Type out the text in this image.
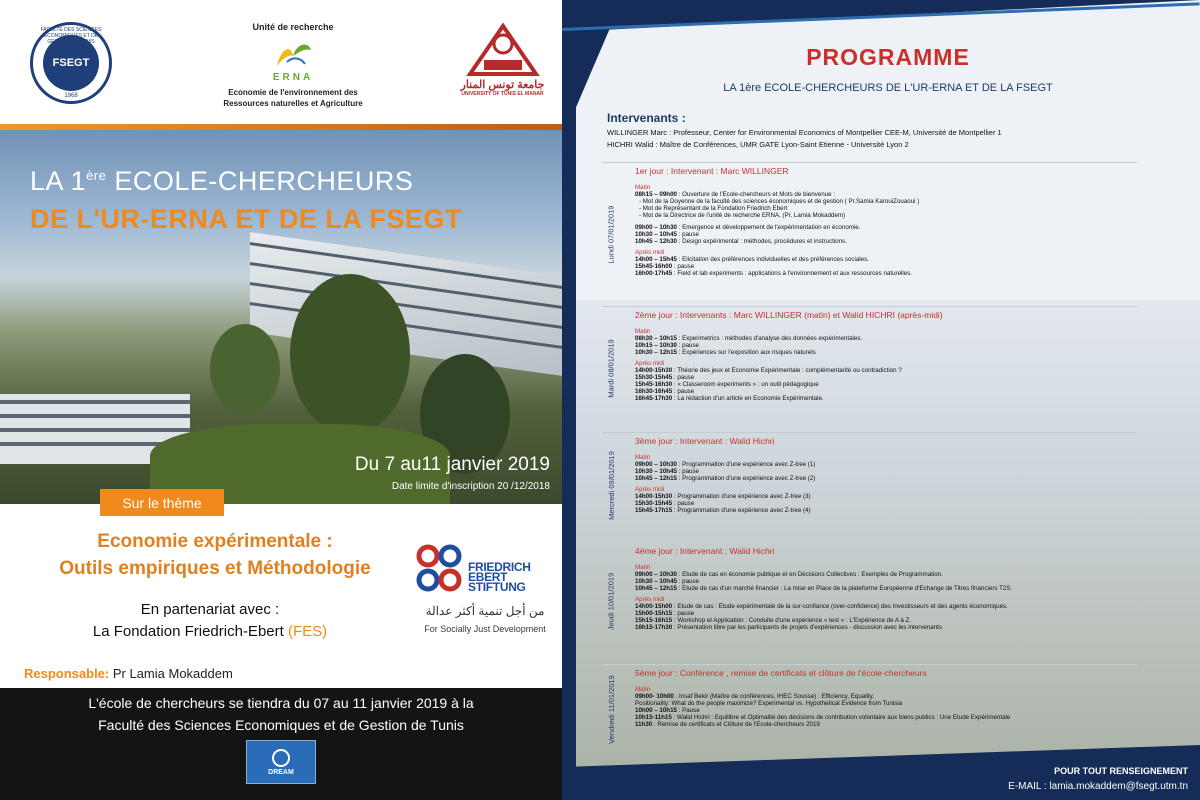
FACULTÉ DES SCIENCES ÉCONOMIQUES ET DE GESTION DE TUNIS
FSEGT
1968
Unité de recherche
ERNA
Economie de l'environnement des
Ressources naturelles et Agriculture
جامعة تونس المنار
UNIVERSITY OF TUNIS EL MANAR
LA 1ère ECOLE-CHERCHEURS
DE L'UR-ERNA ET DE LA FSEGT
Du 7 au11 janvier 2019
Date limite d'inscription 20 /12/2018
Sur le thème
Economie expérimentale :
Outils empiriques et Méthodologie
En partenariat avec :
La Fondation Friedrich-Ebert (FES)
FRIEDRICH
EBERT
STIFTUNG
من أجل تنمية أكثر عدالة
For Socially Just Development
Responsable: Pr Lamia Mokaddem
L'école de chercheurs se tiendra du 07 au 11 janvier 2019 à la
Faculté des Sciences Economiques et de Gestion de Tunis
DREAM
PROGRAMME
LA 1ère ECOLE-CHERCHEURS DE L'UR-ERNA ET DE LA FSEGT
Intervenants :
WILLINGER Marc : Professeur, Center for Environmental Economics of Montpellier CEE-M, Université de Montpellier 1
HICHRI Walid : Maître de Conférences, UMR GATE Lyon-Saint Etienne - Université Lyon 2
Lundi 07/01/2019
1er jour : Intervenant : Marc WILLINGER
Matin
08h15 – 09h00 : Ouverture de l'Ecole-chercheurs et Mots de bienvenue :
- Mot de la Doyenne de la faculté des sciences économiques et de gestion ( Pr.Samia KarouiZouaoui )
- Mot de Représentant de la Fondation Friedrich Ebert
- Mot de la Directrice de l'unité de recherche ERNA, (Pr. Lamia Mokaddem)
09h00 – 10h30 : Emergence et développement de l'expérimentation en économie.
10h30 – 10h45 : pause
10h45 – 12h30 : Design expérimental : méthodes, procédures et instructions.
Après midi
14h00 – 15h45 : Elicitation des préférences individuelles et des préférences sociales.
15h45-16h00 : pause
16h00-17h45 : Field et lab experiments : applications à l'environnement et aux ressources naturelles.
Mardi 08/01/2019
2ème jour : Intervenants : Marc WILLINGER (matin) et Walid HICHRI (après-midi)
Matin
08h30 – 10h15 : Experimetrics : méthodes d'analyse des données expérimentales.
10h15 – 10h30 : pause
10h30 – 12h15 : Expériences sur l'exposition aux risques naturels
Après midi
14h00-15h30 : Théorie des jeux et Economie Expérimentale : complémentarité ou contradiction ?
15h30-15h45 : pause
15h45-16h30 : « Classeroom experiments » : un outil pédagogique
16h30-16h45 : pause
16h45-17h30 : La rédaction d'un article en Economie Expérimentale.
Mercredi 09/01/2019
3ème jour : Intervenant : Walid Hichri
Matin
09h00 – 10h30 : Programmation d'une expérience avec Z-tree (1)
10h30 – 10h45 : pause
10h45 – 12h15 : Programmation d'une expérience avec Z-tree (2)
Après midi
14h00-15h30 : Programmation d'une expérience avec Z-tree (3)
15h30-15h45 : pause
15h45-17h15 : Programmation d'une expérience avec Z-tree (4)
Jeudi 10/01/2019
4ème jour : Intervenant : Walid Hichri
Matin
09h00 – 10h30 : Etude de cas en économie publique et en Décisions Collectives : Exemples de Programmation.
10h30 – 10h45 : pause
10h45 – 12h15 : Etude de cas d'un marché financier : La mise en Place de la plateforme Européenne d'Echange de Titres financiers T2S.
Après midi
14h00-15h00 : Etude de cas : Etude expérimentale de la sur-confiance (over-confidence) des Investisseurs et des agents économiques.
15h00-15h15 : pause
15h15-16h15 : Workshop et Application : Conduite d'une expérience « test » : L'Expérience de A à Z.
16h15-17h30 : Présentation libre par les participants de projets d'expériences - discussion avec les intervenants
Vendredi 11/01/2019
5ème jour : Conférence , remise de certificats et clôture de l'école-chercheurs
Matin
09h00- 10h00 : Insaf Bekir (Maître de conférences, IHEC Sousse) : Efficiency, Equality,
Positionality: What do the people maximize? Experimental vs. Hypothetical Evidence from Tunisia
10h00 – 10h15 : Pause
10h15-11h15 : Walid Hichri : Equilibre et Optimalité des décisions de contribution volontaire aux biens publics : Une Etude Expérimentale
11h30 : Remise de certificats et Clôture de l'Ecole-chercheurs 2019
POUR TOUT RENSEIGNEMENT
E-MAIL : lamia.mokaddem@fsegt.utm.tn
